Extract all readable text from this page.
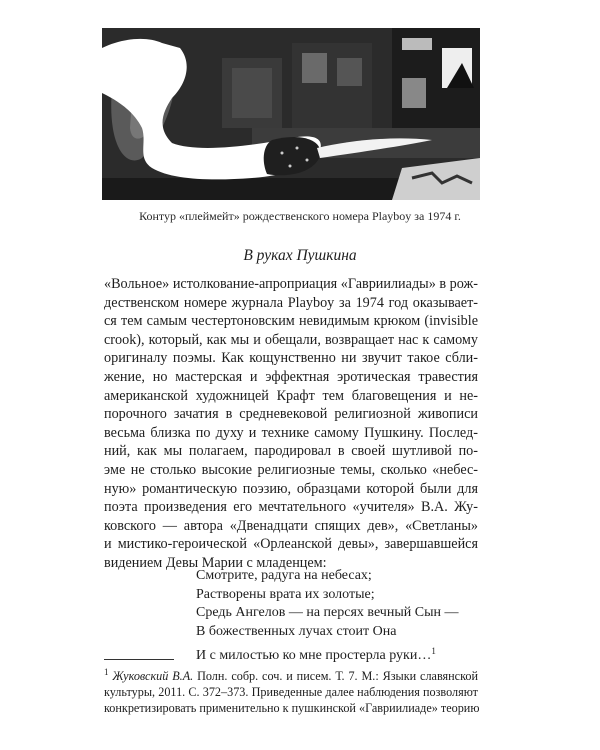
Контур «плеймейт» рождественского номера Playboy за 1974 г.
В руках Пушкина
«Вольное» истолкование-апроприация «Гавриилиады» в рож-
дественском номере журнала Playboy за 1974 год оказывает-
ся тем самым честертоновским невидимым крюком (invisible
crook), который, как мы и обещали, возвращает нас к самому
оригиналу поэмы. Как кощунственно ни звучит такое сбли-
жение, но мастерская и эффектная эротическая травестия
американской художницей Крафт тем благовещения и не-
порочного зачатия в средневековой религиозной живописи
весьма близка по духу и технике самому Пушкину. Послед-
ний, как мы полагаем, пародировал в своей шутливой по-
эме не столько высокие религиозные темы, сколько «небес-
ную» романтическую поэзию, образцами которой были для
поэта произведения его мечтательного «учителя» В.А. Жу-
ковского — автора «Двенадцати спящих дев», «Светланы»
и мистико-героической «Орлеанской девы», завершавшейся
видением Девы Марии с младенцем:
Смотрите, радуга на небесах;
Растворены врата их золотые;
Средь Ангелов — на персях вечный Сын —
В божественных лучах стоит Она
И с милостью ко мне простерла руки…$^1$
$^1$ Жуковский В.А. Полн. собр. соч. и писем. Т. 7. М.: Языки славянской
культуры, 2011. С. 372–373. Приведенные далее наблюдения позволяют
конкретизировать применительно к пушкинской «Гавриилиаде» теорию
